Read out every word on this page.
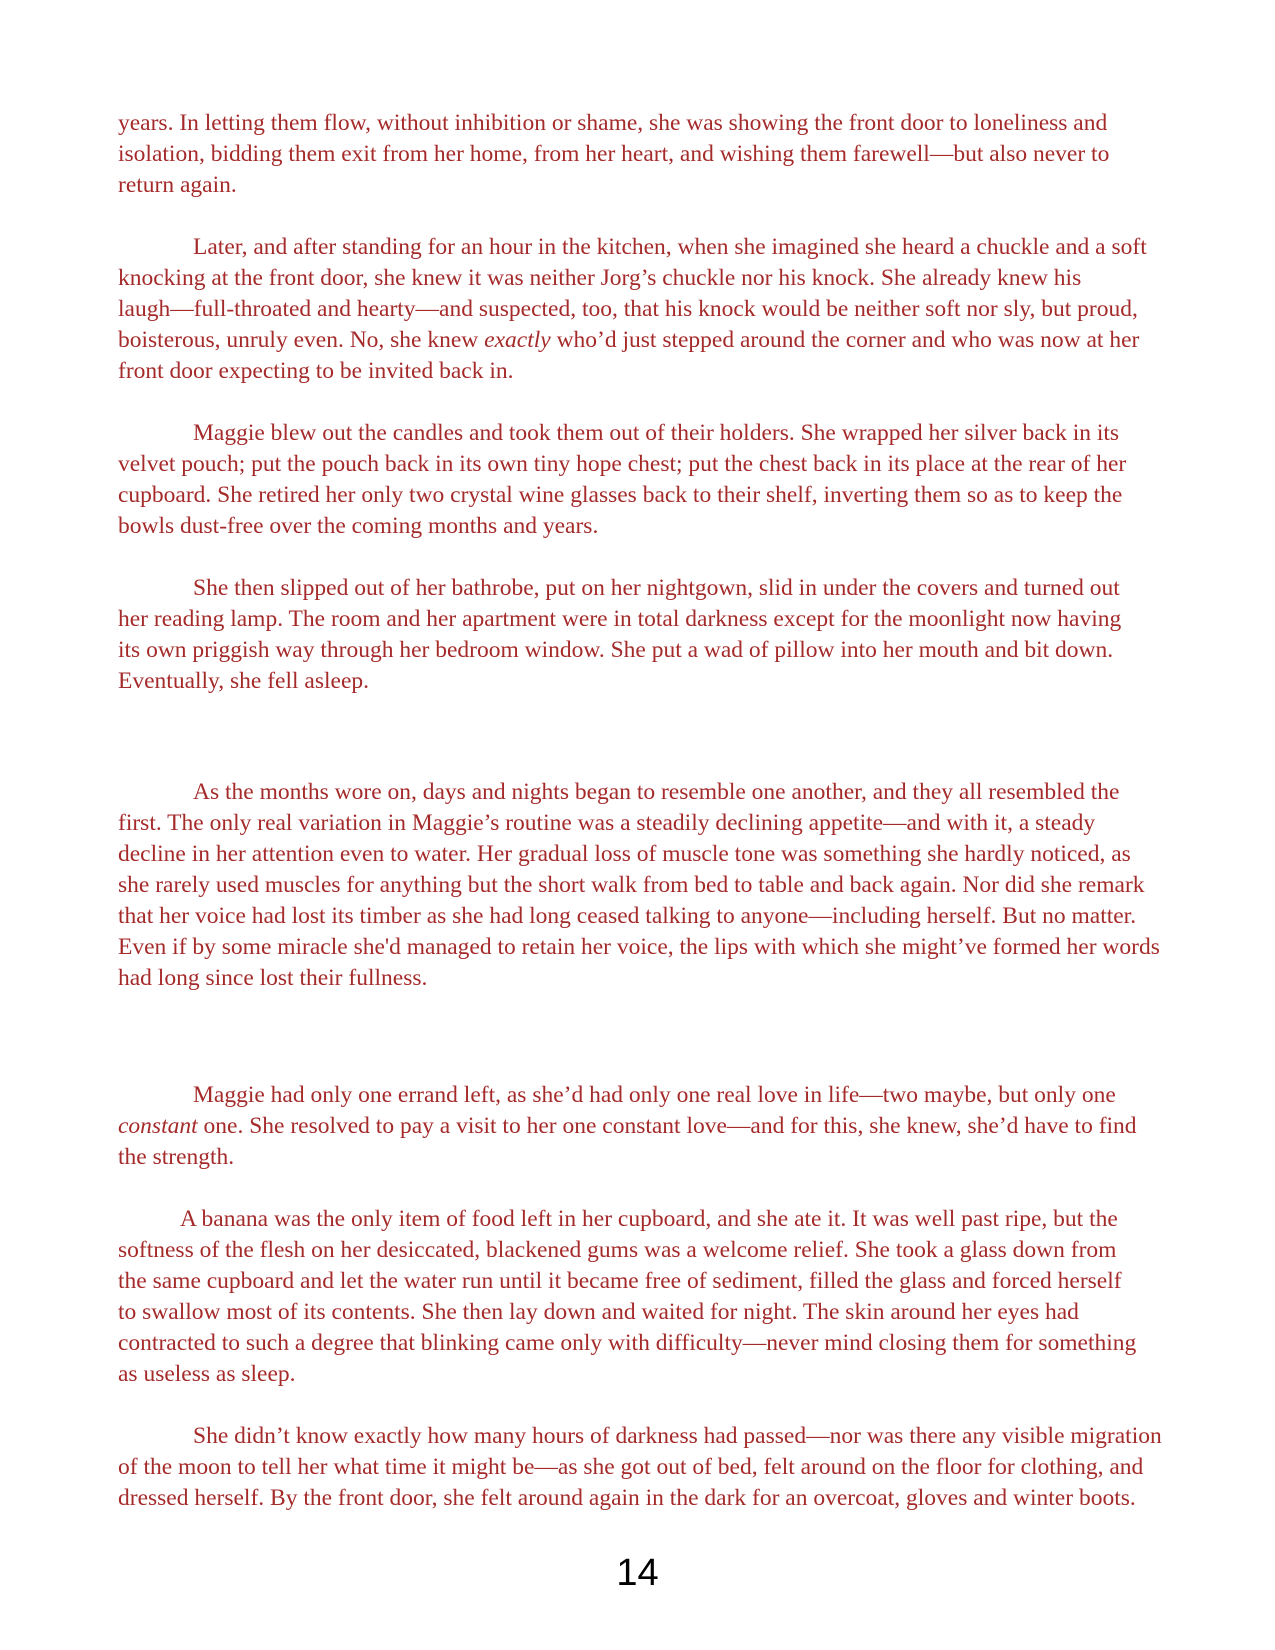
years. In letting them flow, without inhibition or shame, she was showing the front door to loneliness and
isolation, bidding them exit from her home, from her heart, and wishing them farewell—but also never to
return again.

Later, and after standing for an hour in the kitchen, when she imagined she heard a chuckle and a soft
knocking at the front door, she knew it was neither Jorg’s chuckle nor his knock. She already knew his
laugh—full-throated and hearty—and suspected, too, that his knock would be neither soft nor sly, but proud,
boisterous, unruly even. No, she knew exactly who’d just stepped around the corner and who was now at her
front door expecting to be invited back in.

Maggie blew out the candles and took them out of their holders. She wrapped her silver back in its
velvet pouch; put the pouch back in its own tiny hope chest; put the chest back in its place at the rear of her
cupboard. She retired her only two crystal wine glasses back to their shelf, inverting them so as to keep the
bowls dust-free over the coming months and years.

She then slipped out of her bathrobe, put on her nightgown, slid in under the covers and turned out
her reading lamp. The room and her apartment were in total darkness except for the moonlight now having
its own priggish way through her bedroom window. She put a wad of pillow into her mouth and bit down.
Eventually, she fell asleep.

As the months wore on, days and nights began to resemble one another, and they all resembled the
first. The only real variation in Maggie’s routine was a steadily declining appetite—and with it, a steady
decline in her attention even to water. Her gradual loss of muscle tone was something she hardly noticed, as
she rarely used muscles for anything but the short walk from bed to table and back again. Nor did she remark
that her voice had lost its timber as she had long ceased talking to anyone—including herself. But no matter.
Even if by some miracle she'd managed to retain her voice, the lips with which she might’ve formed her words
had long since lost their fullness.

Maggie had only one errand left, as she’d had only one real love in life—two maybe, but only one
constant one. She resolved to pay a visit to her one constant love—and for this, she knew, she’d have to find
the strength.

A banana was the only item of food left in her cupboard, and she ate it. It was well past ripe, but the
softness of the flesh on her desiccated, blackened gums was a welcome relief. She took a glass down from
the same cupboard and let the water run until it became free of sediment, filled the glass and forced herself
to swallow most of its contents. She then lay down and waited for night. The skin around her eyes had
contracted to such a degree that blinking came only with difficulty—never mind closing them for something
as useless as sleep.

She didn’t know exactly how many hours of darkness had passed—nor was there any visible migration
of the moon to tell her what time it might be—as she got out of bed, felt around on the floor for clothing, and
dressed herself. By the front door, she felt around again in the dark for an overcoat, gloves and winter boots.

14
